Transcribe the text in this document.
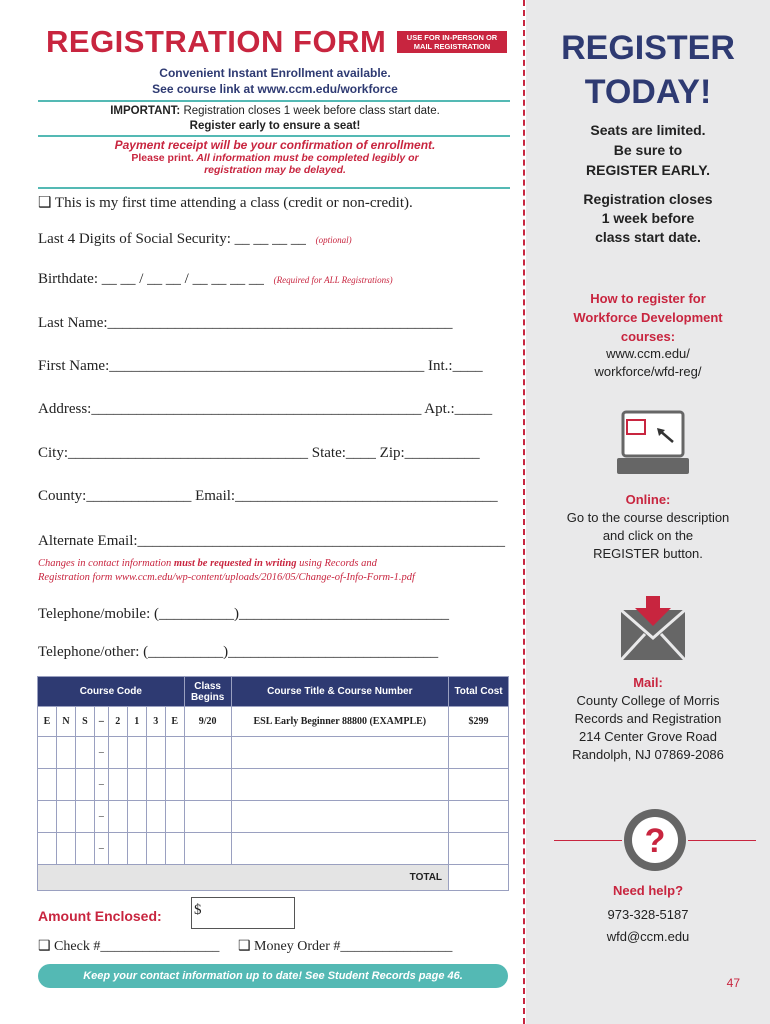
REGISTRATION FORM	USE FOR IN-PERSON OR MAIL REGISTRATION
Convenient Instant Enrollment available.
See course link at www.ccm.edu/workforce
IMPORTANT: Registration closes 1 week before class start date.
Register early to ensure a seat!
Payment receipt will be your confirmation of enrollment.
Please print. All information must be completed legibly or
registration may be delayed.
❑ This is my first time attending a class (credit or non-credit).
Last 4 Digits of Social Security: __ __ __ __ (optional)
Birthdate: __ __ / __ __ / __ __ __ __ (Required for ALL Registrations)
Last Name:______________________________________________
First Name:__________________________________________ Int.:____
Address:____________________________________________ Apt.:_____
City:________________________________ State:____ Zip:__________
County:______________ Email:___________________________________
Alternate Email:_________________________________________________
Changes in contact information must be requested in writing using Records and
Registration form www.ccm.edu/wp-content/uploads/2016/05/Change-of-Info-Form-1.pdf
Telephone/mobile: (__________)____________________________
Telephone/other: (__________)____________________________
Course Code								Class Begins	Course Title & Course Number	Total Cost
E	N	S	–	2	1	3	E	9/20	ESL Early Beginner 88800 (EXAMPLE)	$299
			–							
			–							
			–							
			–							
TOTAL										
Amount Enclosed: $
❑ Check #_________________ ❑ Money Order #________________
Keep your contact information up to date! See Student Records page 46.
REGISTER
TODAY!
Seats are limited.
Be sure to
REGISTER EARLY.
Registration closes
1 week before
class start date.
How to register for
Workforce Development
courses:
www.ccm.edu/
workforce/wfd-reg/
Online:
Go to the course description
and click on the
REGISTER button.
Mail:
County College of Morris
Records and Registration
214 Center Grove Road
Randolph, NJ 07869-2086
?
Need help?
973-328-5187
wfd@ccm.edu
47
